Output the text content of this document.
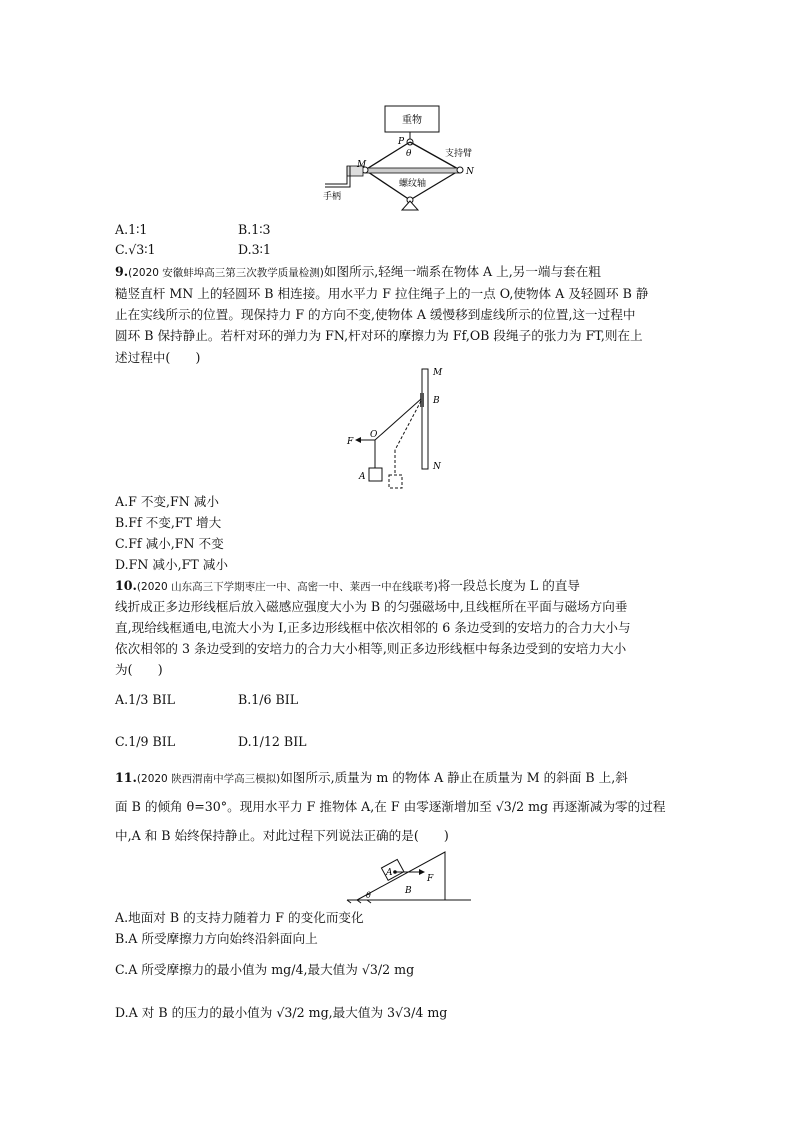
重物
P
θ	支持臂
M
N
螺纹轴
手柄
A.1∶1	B.1∶3
C.√3∶1	D.3∶1
9.(2020 安徽蚌埠高三第三次教学质量检测)如图所示,轻绳一端系在物体 A 上,另一端与套在粗
糙竖直杆 MN 上的轻圆环 B 相连接。用水平力 F 拉住绳子上的一点 O,使物体 A 及轻圆环 B 静
止在实线所示的位置。现保持力 F 的方向不变,使物体 A 缓慢移到虚线所示的位置,这一过程中
圆环 B 保持静止。若杆对环的弹力为 FN,杆对环的摩擦力为 Ff,OB 段绳子的张力为 FT,则在上
述过程中(　　)
M
B
F
O
A
N
A.F 不变,FN 减小
B.Ff 不变,FT 增大
C.Ff 减小,FN 不变
D.FN 减小,FT 减小
10.(2020 山东高三下学期枣庄一中、高密一中、莱西一中在线联考)将一段总长度为 L 的直导
线折成正多边形线框后放入磁感应强度大小为 B 的匀强磁场中,且线框所在平面与磁场方向垂
直,现给线框通电,电流大小为 I,正多边形线框中依次相邻的 6 条边受到的安培力的合力大小与
依次相邻的 3 条边受到的安培力的合力大小相等,则正多边形线框中每条边受到的安培力大小
为(　　)
A.1/3 BIL	B.1/6 BIL
C.1/9 BIL	D.1/12 BIL
11.(2020 陕西渭南中学高三模拟)如图所示,质量为 m 的物体 A 静止在质量为 M 的斜面 B 上,斜
面 B 的倾角 θ=30°。现用水平力 F 推物体 A,在 F 由零逐渐增加至 √3/2 mg 再逐渐减为零的过程
中,A 和 B 始终保持静止。对此过程下列说法正确的是(　　)
A
B
F
θ
A.地面对 B 的支持力随着力 F 的变化而变化
B.A 所受摩擦力方向始终沿斜面向上
C.A 所受摩擦力的最小值为 mg/4,最大值为 √3/2 mg
D.A 对 B 的压力的最小值为 √3/2 mg,最大值为 3√3/4 mg
